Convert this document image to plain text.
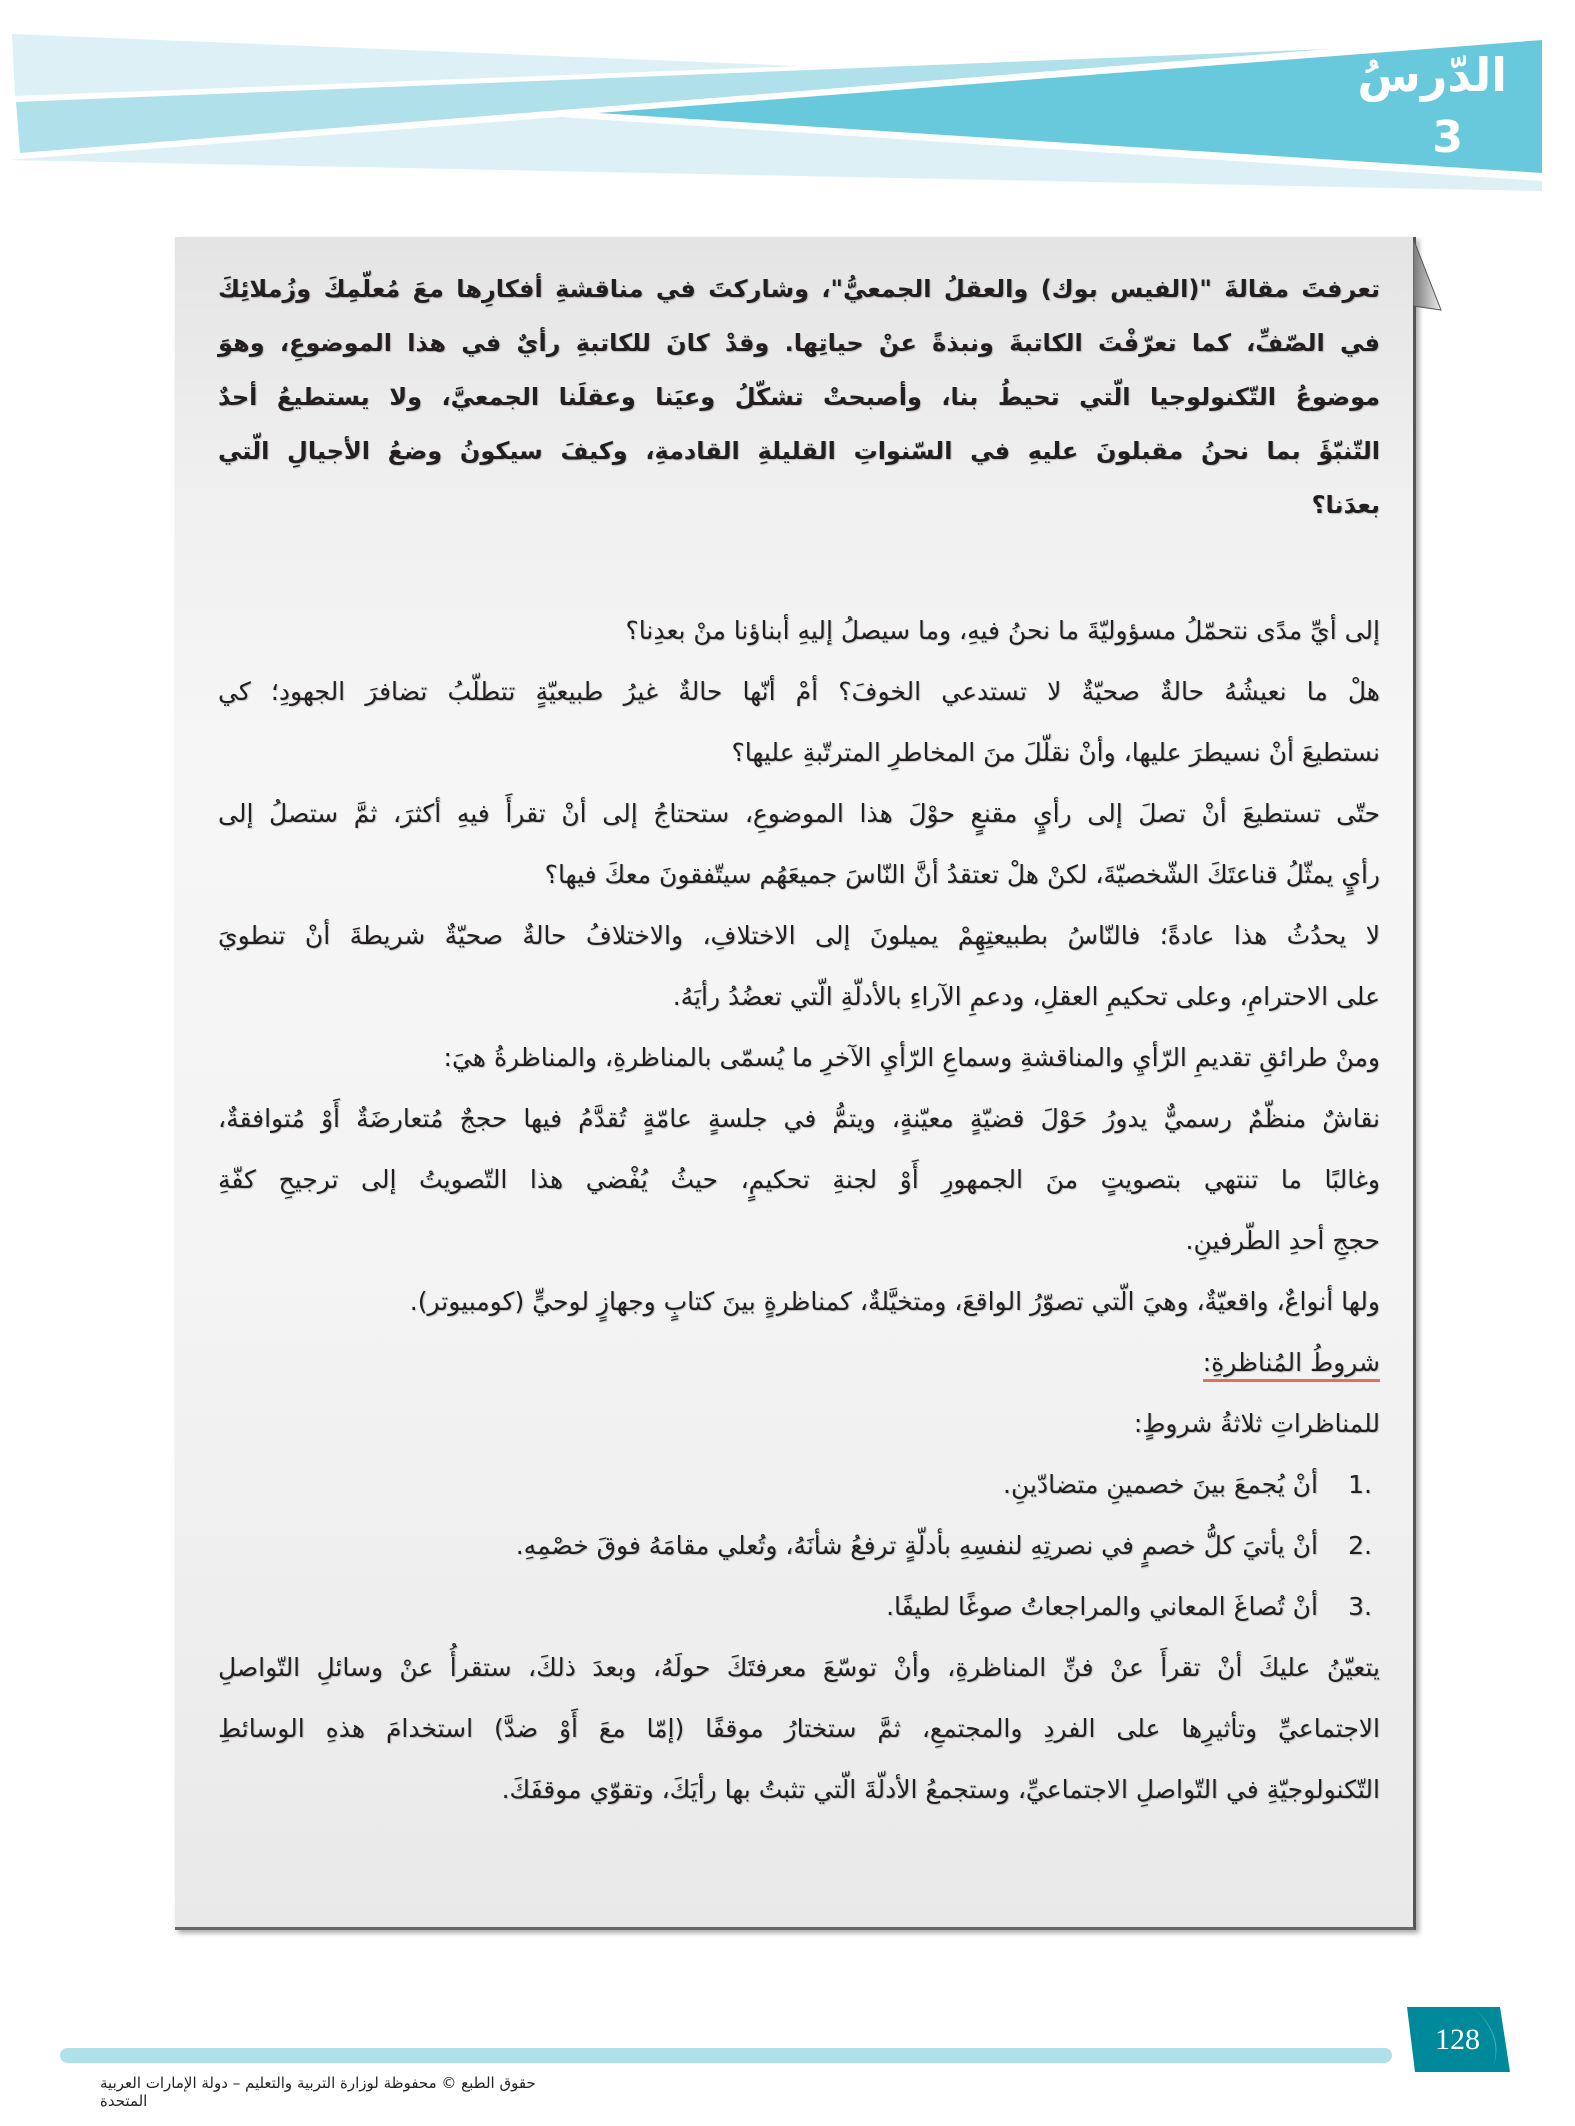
الدّرسُ
3
تعرفتَ مقالةَ "(الفيس بوك) والعقلُ الجمعيُّ"، وشاركتَ في مناقشةِ أفكارِها معَ مُعلّمِكَ وزُملائِكَ
في الصّفِّ، كما تعرّفْتَ الكاتبةَ ونبذةً عنْ حياتِها. وقدْ كانَ للكاتبةِ رأيٌ في هذا الموضوعِ، وهوَ
موضوعُ التّكنولوجيا الّتي تحيطُ بنا، وأصبحتْ تشكّلُ وعيَنا وعقلَنا الجمعيَّ، ولا يستطيعُ أحدٌ
التّنبّؤَ بما نحنُ مقبلونَ عليهِ في السّنواتِ القليلةِ القادمةِ، وكيفَ سيكونُ وضعُ الأجيالِ الّتي
بعدَنا؟
إلى أيِّ مدًى نتحمّلُ مسؤوليّةَ ما نحنُ فيهِ، وما سيصلُ إليهِ أبناؤنا منْ بعدِنا؟
هلْ ما نعيشُهُ حالةٌ صحيّةٌ لا تستدعي الخوفَ؟ أمْ أنّها حالةٌ غيرُ طبيعيّةٍ تتطلّبُ تضافرَ الجهودِ؛ كي
نستطيعَ أنْ نسيطرَ عليها، وأنْ نقلّلَ منَ المخاطرِ المترتّبةِ عليها؟
حتّى تستطيعَ أنْ تصلَ إلى رأيٍ مقنعٍ حوْلَ هذا الموضوعِ، ستحتاجُ إلى أنْ تقرأَ فيهِ أكثرَ، ثمَّ ستصلُ إلى
رأيٍ يمثّلُ قناعتَكَ الشّخصيّةَ، لكنْ هلْ تعتقدُ أنَّ النّاسَ جميعَهُم سيتّفقونَ معكَ فيها؟
لا يحدُثُ هذا عادةً؛ فالنّاسُ بطبيعتِهِمْ يميلونَ إلى الاختلافِ، والاختلافُ حالةٌ صحيّةٌ شريطةَ أنْ تنطويَ
على الاحترامِ، وعلى تحكيمِ العقلِ، ودعمِ الآراءِ بالأدلّةِ الّتي تعضُدُ رأيَهُ.
ومنْ طرائقِ تقديمِ الرّأيِ والمناقشةِ وسماعِ الرّأيِ الآخرِ ما يُسمّى بالمناظرةِ، والمناظرةُ هيَ:
نقاشٌ منظّمٌ رسميٌّ يدورُ حَوْلَ قضيّةٍ معيّنةٍ، ويتمُّ في جلسةٍ عامّةٍ تُقدَّمُ فيها حججٌ مُتعارضَةٌ أَوْ مُتوافقةٌ،
وغالبًا ما تنتهي بتصويتٍ منَ الجمهورِ أَوْ لجنةِ تحكيمٍ، حيثُ يُفْضي هذا التّصويتُ إلى ترجيحِ كفّةِ
حججِ أحدِ الطّرفينِ.
ولها أنواعٌ، واقعيّةٌ، وهيَ الّتي تصوّرُ الواقعَ، ومتخيَّلةٌ، كمناظرةٍ بينَ كتابٍ وجهازٍ لوحيٍّ (كومبيوتر).
شروطُ المُناظرةِ:
للمناظراتِ ثلاثةُ شروطٍ:
.1
أنْ يُجمعَ بينَ خصمينِ متضادّينِ.
.2
أنْ يأتيَ كلُّ خصمٍ في نصرتِهِ لنفسِهِ بأدلّةٍ ترفعُ شأنَهُ، وتُعلي مقامَهُ فوقَ خصْمِهِ.
.3
أنْ تُصاغَ المعاني والمراجعاتُ صوغًا لطيفًا.
يتعيّنُ عليكَ أنْ تقرأَ عنْ فنِّ المناظرةِ، وأنْ توسّعَ معرفتَكَ حولَهُ، وبعدَ ذلكَ، ستقرأُ عنْ وسائلِ التّواصلِ
الاجتماعيِّ وتأثيرِها على الفردِ والمجتمعِ، ثمَّ ستختارُ موقفًا (إمّا معَ أَوْ ضدَّ) استخدامَ هذهِ الوسائطِ
التّكنولوجيّةِ في التّواصلِ الاجتماعيِّ، وستجمعُ الأدلّةَ الّتي تثبتُ بها رأيَكَ، وتقوّي موقفَكَ.
128
حقوق الطبع © محفوظة لوزارة التربية والتعليم – دولة الإمارات العربية المتحدة
